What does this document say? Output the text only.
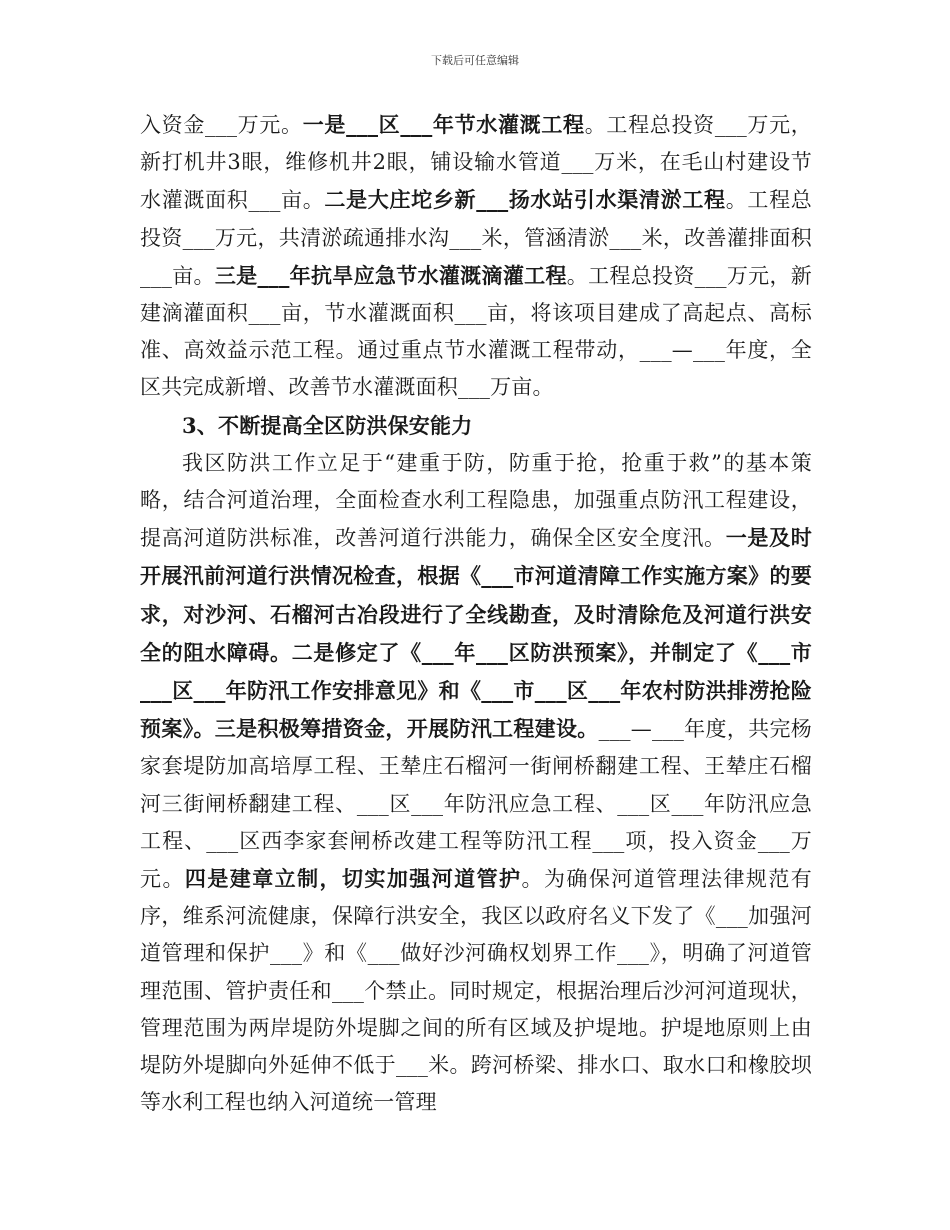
下载后可任意编辑

入资金___万元。一是___区___年节水灌溉工程。工程总投资___万元，新打机井3眼，维修机井2眼，铺设输水管道___万米，在毛山村建设节水灌溉面积___亩。二是大庄坨乡新___扬水站引水渠清淤工程。工程总投资___万元，共清淤疏通排水沟___米，管涵清淤___米，改善灌排面积___亩。三是___年抗旱应急节水灌溉滴灌工程。工程总投资___万元，新建滴灌面积___亩，节水灌溉面积___亩，将该项目建成了高起点、高标准、高效益示范工程。通过重点节水灌溉工程带动，___—___年度，全区共完成新增、改善节水灌溉面积___万亩。

3、不断提高全区防洪保安能力

我区防洪工作立足于“建重于防，防重于抢，抢重于救”的基本策略，结合河道治理，全面检查水利工程隐患，加强重点防汛工程建设，提高河道防洪标准，改善河道行洪能力，确保全区安全度汛。一是及时开展汛前河道行洪情况检查，根据《___市河道清障工作实施方案》的要求，对沙河、石榴河古冶段进行了全线勘查，及时清除危及河道行洪安全的阻水障碍。二是修定了《___年___区防洪预案》，并制定了《___市___区___年防汛工作安排意见》和《___市___区___年农村防洪排涝抢险预案》。三是积极筹措资金，开展防汛工程建设。___—___年度，共完杨家套堤防加高培厚工程、王辇庄石榴河一街闸桥翻建工程、王辇庄石榴河三街闸桥翻建工程、___区___年防汛应急工程、___区___年防汛应急工程、___区西李家套闸桥改建工程等防汛工程___项，投入资金___万元。四是建章立制，切实加强河道管护。为确保河道管理法律规范有序，维系河流健康，保障行洪安全，我区以政府名义下发了《___加强河道管理和保护___》和《___做好沙河确权划界工作___》，明确了河道管理范围、管护责任和___个禁止。同时规定，根据治理后沙河河道现状，管理范围为两岸堤防外堤脚之间的所有区域及护堤地。护堤地原则上由堤防外堤脚向外延伸不低于___米。跨河桥梁、排水口、取水口和橡胶坝等水利工程也纳入河道统一管理
